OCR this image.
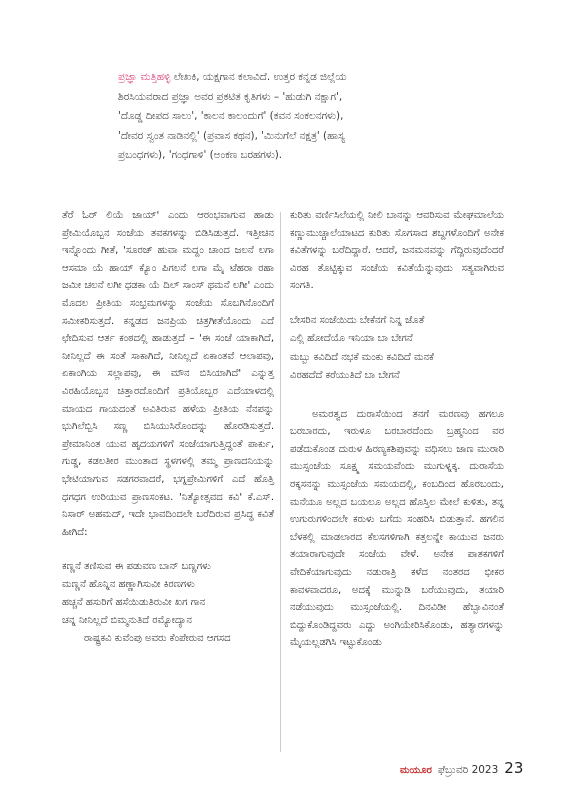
ಪ್ರಜ್ಞಾ ಮತ್ತಿಹಳ್ಳಿ ಲೇಖಕಿ, ಯಕ್ಷಗಾನ ಕಲಾವಿದೆ. ಉತ್ತರ ಕನ್ನಡ ಜಿಲ್ಲೆಯ

ಶಿರಸಿಯವರಾದ ಪ್ರಜ್ಞಾ ಅವರ ಪ್ರಕಟಿತ ಕೃತಿಗಳು – 'ಹುಡುಗಿ ನಕ್ಷಾಗ',

'ದೊಡ್ಡ ದೀಪದ ಸಾಲು', 'ಕಾಲನ ಕಾಲಂದುಗೆ' (ಕವನ ಸಂಕಲನಗಳು),

'ದೇವರ ಸ್ವಂತ ನಾಡಿನಲ್ಲಿ' (ಪ್ರವಾಸ ಕಥನ), 'ಮಿನುಗೆಲೆ ನಕ್ಷತ್ರ' (ಹಾಸ್ಯ

ಪ್ರಬಂಧಗಳು), 'ಗಂಧಗಾಳಿ' (ಅಂಕಣ ಬರಹಗಳು).

ತೆರೆ ಓರ್ ಲಿಯೆ ಜಾಯ್' ಎಂದು ಆರಂಭವಾಗುವ ಹಾಡು ಪ್ರೇಮಿಯೊಬ್ಬನ ಸಂಜೆಯ ತವಕಗಳನ್ನು ಬಿಡಿಸಿಡುತ್ತದೆ. ಇತ್ತೀಚಿನ ಇನ್ನೊಂದು ಗೀತೆ, 'ಸೂರಜ್ ಹುವಾ ಮದ್ದಂ ಚಾಂದ ಜಲನೆ ಲಗಾ ಆಸಮಾ ಯೆ ಹಾಯ್ ಕ್ಯೊಂ ಪಿಗಲನೆ ಲಗಾ ಮೈ ಟೆಹರಾ ರಹಾ ಜಮೀ ಚಲನೆ ಲಗೀ ಧಡಕಾ ಯೆ ದಿಲ್ ಸಾಂಸ್ ಥಮನೆ ಲಗೀ' ಎಂದು ಮೊದಲ ಪ್ರೀತಿಯ ಸಂಭ್ರಮಗಳನ್ನು ಸಂಜೆಯ ಸೊಬಗಿನೊಂದಿಗೆ ಸಮೀಕರಿಸುತ್ತದೆ. ಕನ್ನಡದ ಜನಪ್ರಿಯ ಚಿತ್ರಗೀತೆಯೊಂದು ಎದೆ ಛೇದಿಸುವ ಆರ್ತ ಕಂಠದಲ್ಲಿ ಹಾಡುತ್ತದೆ – 'ಈ ಸಂಜೆ ಯಾಕಾಗಿದೆ, ನೀನಿಲ್ಲದೆ ಈ ಸಂತೆ ಸಾಕಾಗಿದೆ, ನೀನಿಲ್ಲದೆ ಏಕಾಂತವೆ ಆಲಾಪವು, ಏಕಾಂಗಿಯ ಸಲ್ಲಾಪವು, ಈ ಮೌನ ಬಿಸಿಯಾಗಿದೆ' ಎನ್ನುತ್ತ ವಿರಹಿಯೊಬ್ಬನ ಚಿತ್ತಾರದೊಂದಿಗೆ ಪ್ರತಿಯೊಬ್ಬರ ಎದೆಯಾಳದಲ್ಲಿ ಮಾಯದ ಗಾಯದಂತೆ ಅವಿತಿರುವ ಹಳೆಯ ಪ್ರೀತಿಯ ನೆನಪನ್ನು ಭುಗಿಲೆಬ್ಬಿಸಿ ಸಣ್ಣ ಬಿಸಿಯುಸಿರೊಂದನ್ನು ಹೊರಡಿಸುತ್ತದೆ. ಪ್ರೇಮಾನಿಂತ ಯುವ ಹೃದಯಗಳಿಗೆ ಸಂಜೆಯಾಗುತ್ತಿದ್ದಂತೆ ಪಾರ್ಕು, ಗುಡ್ಡ, ಕಡಲತೀರ ಮುಂತಾದ ಸ್ಥಳಗಳಲ್ಲಿ ತಮ್ಮ ಪ್ರಾಣದನಿಯನ್ನು ಭೇಟಿಯಾಗುವ ಸಡಗರವಾದರೆ, ಭಗ್ನಪ್ರೇಮಿಗಳಿಗೆ ಎದೆ ಹೊತ್ತಿ ಧಗಧಗ ಉರಿಯುವ ಪ್ರಾಣಸಂಕಟ. 'ನಿತ್ಯೋತ್ಸವದ ಕವಿ' ಕೆ.ಎಸ್. ನಿಸಾರ್ ಅಹಮದ್, ಇದೇ ಭಾವದಿಂದಲೇ ಬರೆದಿರುವ ಪ್ರಸಿದ್ಧ ಕವಿತೆ ಹೀಗಿದೆ:

ಕಣ್ಣನೆ ತಣಿಸುವ ಈ ಪಡುವಣ ಬಾನ್ ಬಣ್ಣಗಳು

ಮಣ್ಣನೆ ಹೊನ್ನಿನ ಹಣ್ಣಾಗಿಸುವೀ ಕಿರಣಗಳು

ಹಚ್ಚನೆ ಹಸುರಿಗೆ ಹಸೆಯಿಡುತಿರುವೀ ಖಗ ಗಾನ

ಚನ್ನ ನೀನಿಲ್ಲದೆ ಬಿಮ್ಮನುತಿದೆ ರಮ್ಯೋದ್ಯಾನ

ರಾಷ್ಟ್ರಕವಿ ಕುವೆಂಪು ಅವರು ಕೆಂಪೇರುವ ಆಗಸದ

ಕುರಿತು ವರ್ಣಿಸಿಲೆಯಲ್ಲಿ ನೀಲಿ ಬಾನನ್ನು ಆವರಿಸುವ ಮೇಘಮಾಲೆಯ ಕಣ್ಣುಮುಚ್ಚಾಲೆಯಾಟದ ಕುರಿತು ಸೊಗಸಾದ ಶಬ್ದಗಳೊಂದಿಗೆ ಅನೇಕ ಕವಿತೆಗಳನ್ನು ಬರೆದಿದ್ದಾರೆ. ಆದರೆ, ಜನಮನವನ್ನು ಗೆದ್ದಿರುವುದೆಂದರೆ ವಿರಹ ತೊಟ್ಟಿಕ್ಕುವ ಸಂಜೆಯ ಕವಿತೆಯೆನ್ನುವುದು ಸತ್ಯವಾಗಿರುವ ಸಂಗತಿ.

ಬೇಸರಿನ ಸಂಜೆಯಿದು ಬೇಕೆನಗೆ ನಿನ್ನ ಜೊತೆ

ಎಲ್ಲಿ ಹೋದೆಯೊ ಇನಿಯಾ ಬಾ ಬೇಗನೆ

ಮಬ್ಬು ಕವಿದಿದೆ ನಭಕೆ ಮಂಕು ಕವಿದಿದೆ ಮನಕೆ

ವಿರಹದೆದೆ ಕರೆಯುತಿದೆ ಬಾ ಬೇಗನೆ

ಅಮರತ್ವದ ದುರಾಸೆಯಿಂದ ತನಗೆ ಮರಣವು ಹಗಲೂ ಬರಬಾರದು, ಇರುಳೂ ಬರಬಾರದೆಂದು ಬ್ರಹ್ಮನಿಂದ ವರ ಪಡೆದುಕೊಂಡ ದುರುಳ ಹಿರಣ್ಯಕಶಿಪುವನ್ನು ವಧಿಸಲು ಜಾಣ ಮುರಾರಿ ಮುಸ್ಸಂಜೆಯ ಸೂಕ್ಷ್ಮ ಸಮಯವೆಂದು ಮುಗುಳ್ನಕ್ಕ. ದುರಾಸೆಯ ರಕ್ಕಸನನ್ನು ಮುಸ್ಸಂಜೆಯ ಸಮಯದಲ್ಲಿ, ಕಂಬದಿಂದ ಹೊರಬಂದು, ಮನೆಯೂ ಅಲ್ಲದ ಬಯಲೂ ಅಲ್ಲದ ಹೊಸ್ತಿಲ ಮೇಲೆ ಕುಳಿತು, ತನ್ನ ಉಗುರುಗಳಿಂದಲೇ ಕರುಳು ಬಗೆದು ಸಂಹರಿಸಿ ಬಿಡುತ್ತಾನೆ. ಹಗಲಿನ ಬೆಳಕಲ್ಲಿ ಮಾಡಲಾರದ ಕೆಲಸಗಳಿಗಾಗಿ ಕತ್ತಲನ್ನೇ ಕಾಯುವ ಜನರು ತಯಾರಾಗುವುದೇ ಸಂಜೆಯ ವೇಳೆ. ಅನೇಕ ಪಾತಕಗಳಿಗೆ ವೇದಿಕೆಯಾಗುವುದು ನಡುರಾತ್ರಿ ಕಳೆದ ನಂತರದ ಭೀಕರ ಕಾವಳವಾದರೂ, ಅದಕ್ಕೆ ಮುನ್ನುಡಿ ಬರೆಯುವುದು, ತಯಾರಿ ನಡೆಯುವುದು ಮುಸ್ಸಂಜೆಯಲ್ಲಿ. ದಿನವಿಡೀ ಹೆಬ್ಬಾವಿನಂತೆ ಬಿದ್ದುಕೊಂಡಿದ್ದವರು ಎದ್ದು ಅಂಗಿಯೇರಿಸಿಕೊಂಡು, ಹತ್ಯಾರಗಳನ್ನು ಮೈಯಲ್ಲಡಗಿಸಿ ಇಟ್ಟುಕೊಂಡು

ಮಯೂರ ಫೆಬ್ರುವರಿ 2023 23
